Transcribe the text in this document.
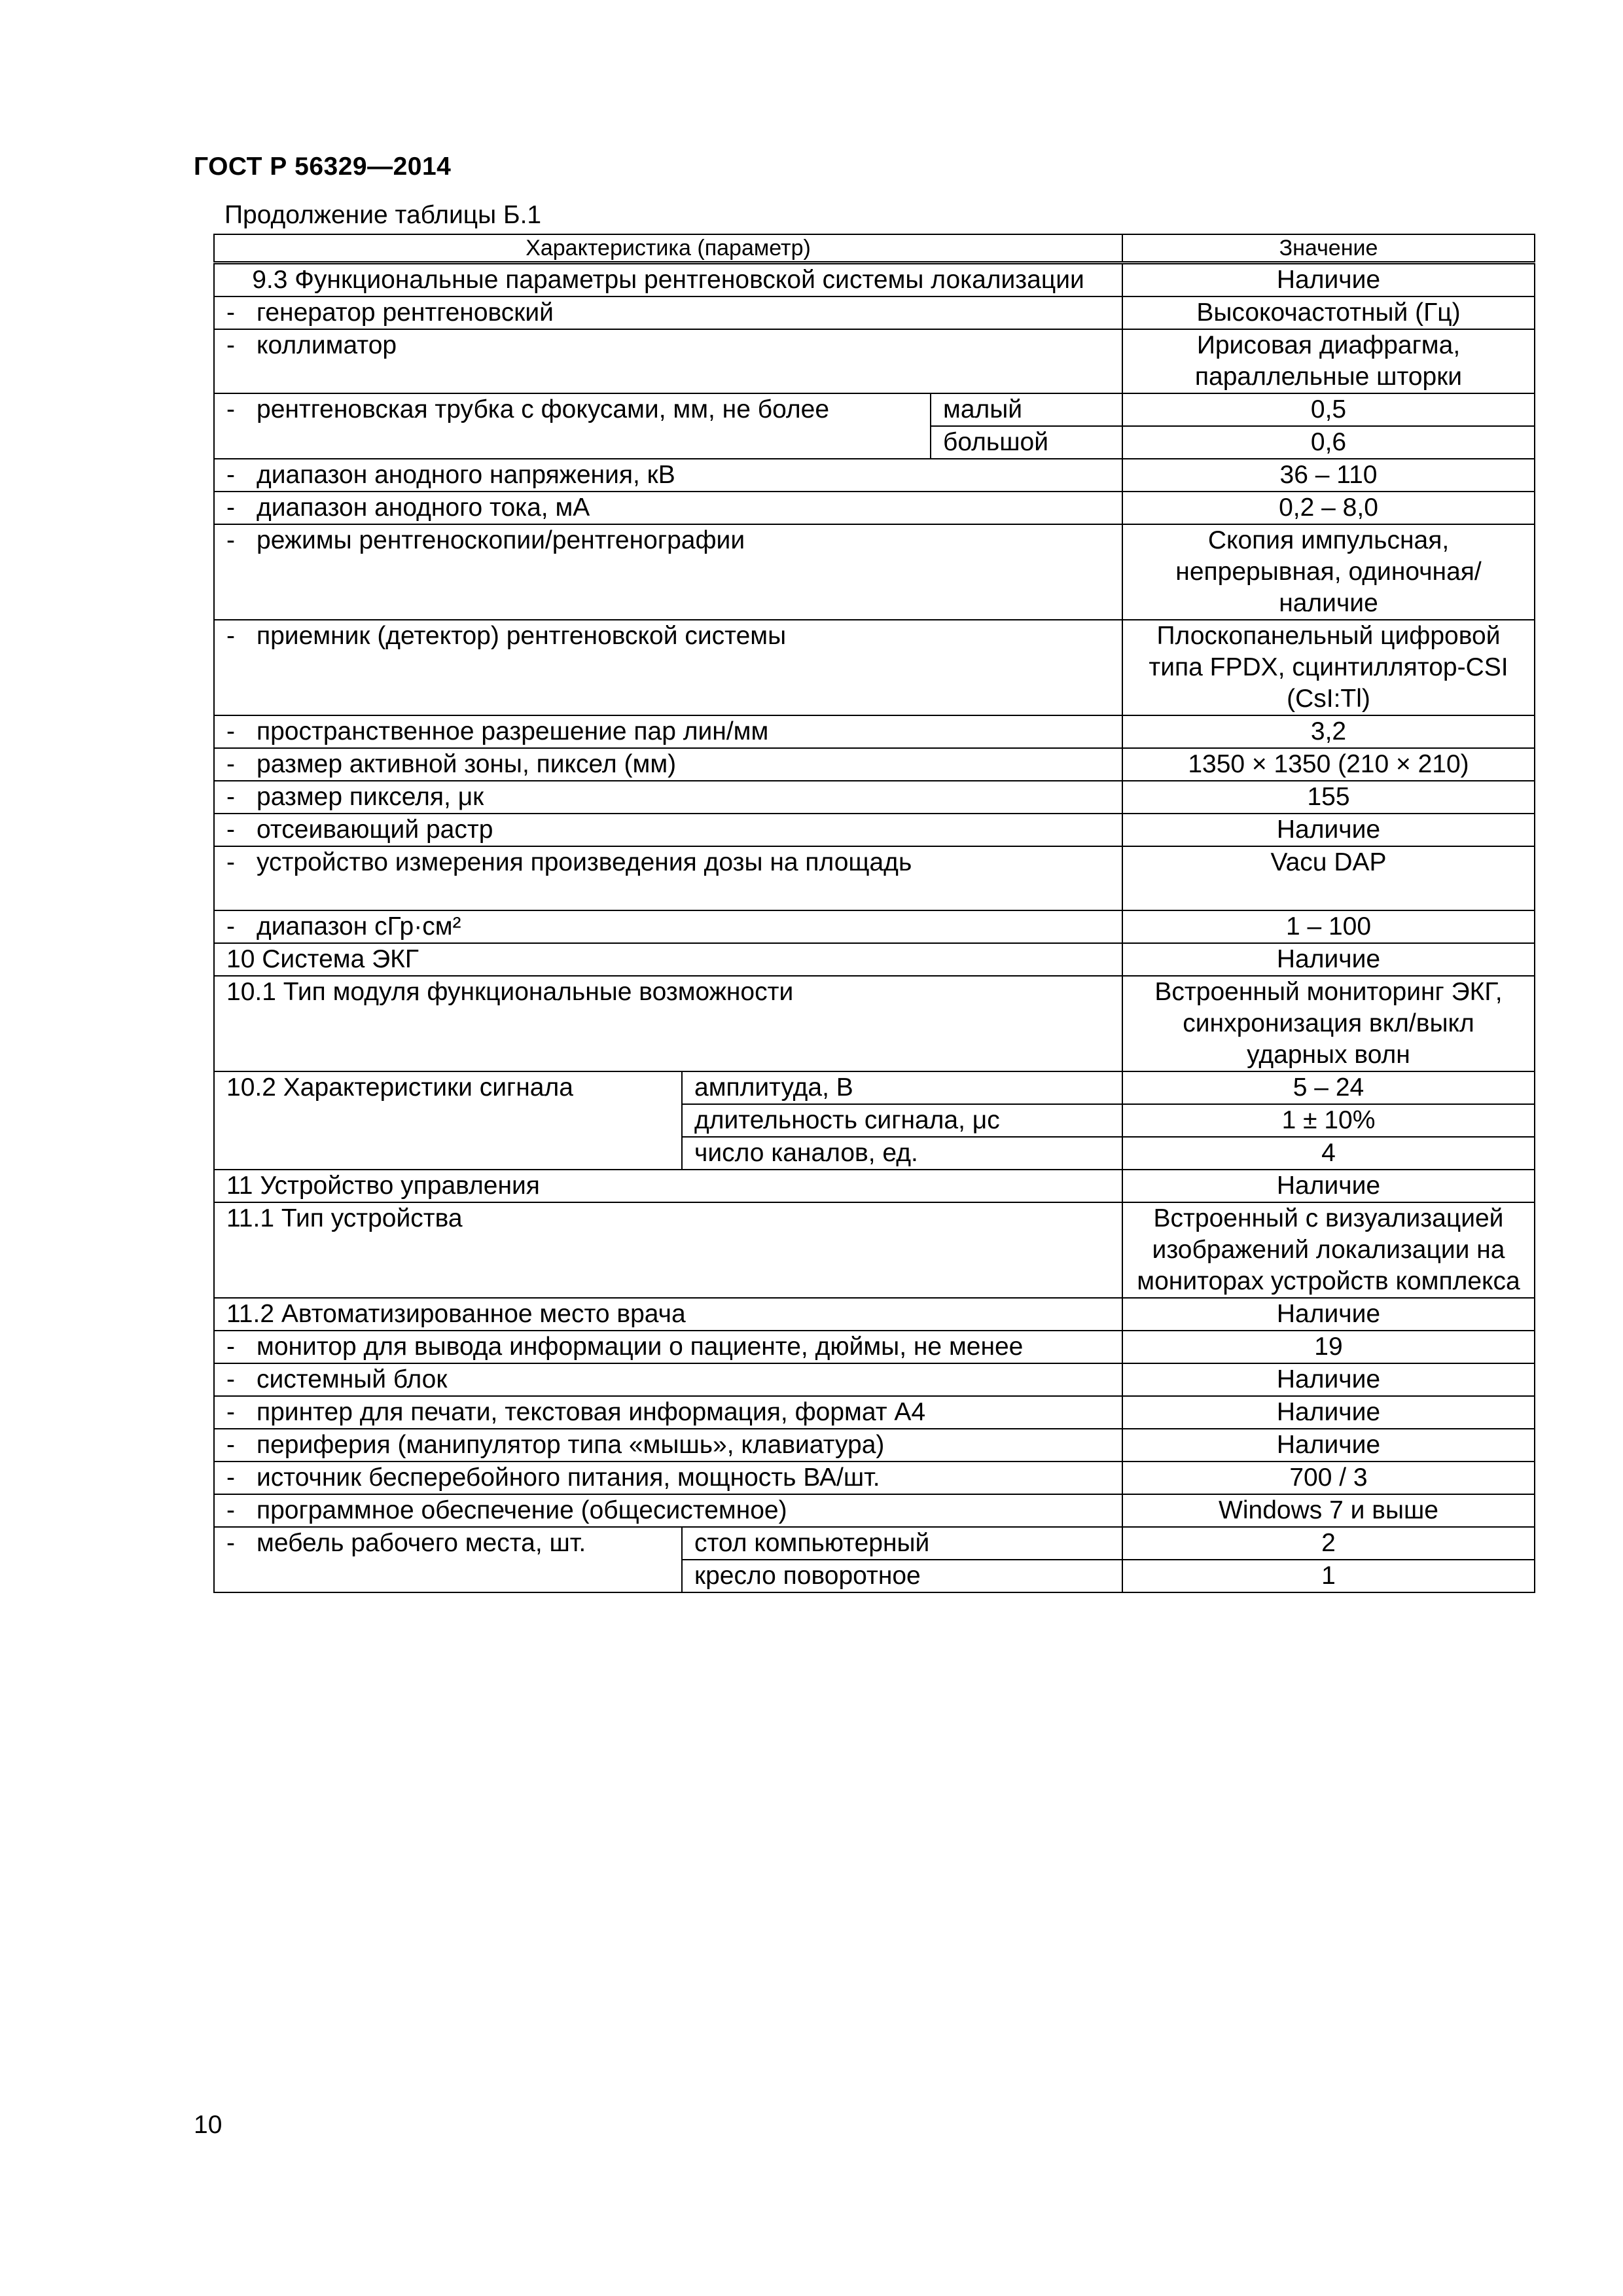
ГОСТ Р 56329—2014
Продолжение таблицы Б.1
Характеристика (параметр)			Значение
9.3 Функциональные параметры рентгеновской системы локализации			Наличие
- генератор рентгеновский			Высокочастотный (Гц)
- коллиматор			Ирисовая диафрагма, параллельные шторки
- рентгеновская трубка с фокусами, мм, не более		малый	0,5
		большой	0,6
- диапазон анодного напряжения, кВ			36 – 110
- диапазон анодного тока, мА			0,2 – 8,0
- режимы рентгеноскопии/рентгенографии			Скопия импульсная, непрерывная, одиночная/наличие
- приемник (детектор) рентгеновской системы			Плоскопанельный цифровой типа FPDX, сцинтиллятор-CSI (CsI:Tl)
- пространственное разрешение пар лин/мм			3,2
- размер активной зоны, пиксел (мм)			1350 × 1350 (210 × 210)
- размер пикселя, μк			155
- отсеивающий растр			Наличие
- устройство измерения произведения дозы на площадь			Vacu DAP
- диапазон сГр·см²			1 – 100
10 Система ЭКГ			Наличие
10.1 Тип модуля функциональные возможности			Встроенный мониторинг ЭКГ, синхронизация вкл/выкл ударных волн
10.2 Характеристики сигнала	амплитуда, В		5 – 24
	длительность сигнала, μс		1 ± 10%
	число каналов, ед.		4
11 Устройство управления			Наличие
11.1 Тип устройства			Встроенный с визуализацией изображений локализации на мониторах устройств комплекса
11.2 Автоматизированное место врача			Наличие
- монитор для вывода информации о пациенте, дюймы, не менее			19
- системный блок			Наличие
- принтер для печати, текстовая информация, формат А4			Наличие
- периферия (манипулятор типа «мышь», клавиатура)			Наличие
- источник бесперебойного питания, мощность ВА/шт.			700 / 3
- программное обеспечение (общесистемное)			Windows 7 и выше
- мебель рабочего места, шт.	стол компьютерный		2
	кресло поворотное		1
10
